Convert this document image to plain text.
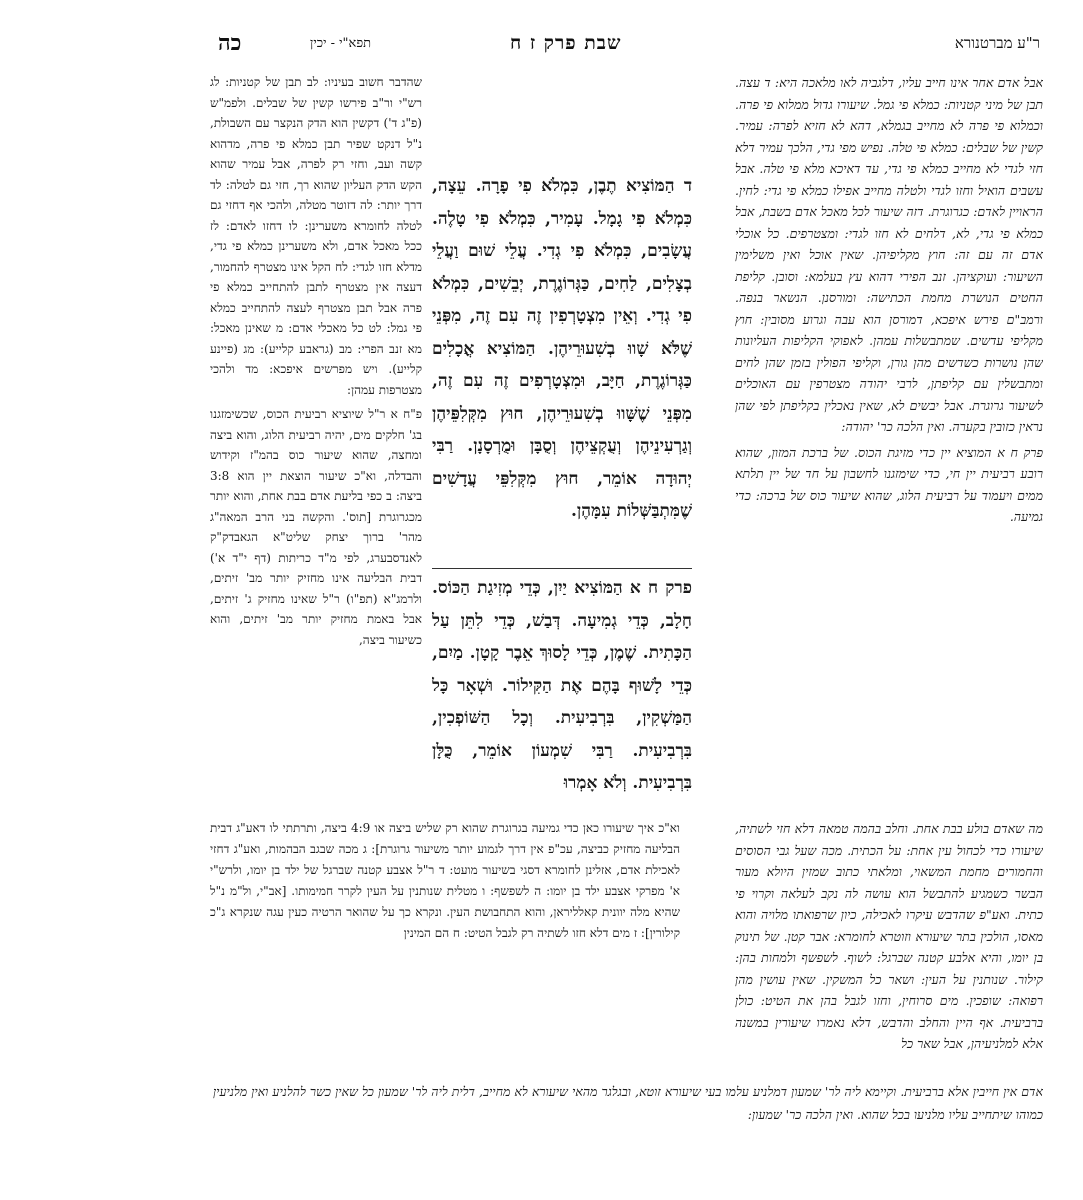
כה	תפא"י - יכין	שבת פרק ז ח	ר"ע מברטנורא

אבל אדם אחר אינו חייב עליו, דלגביה לאו מלאכה היא: ד עצה. תבן של מיני קטניות: כמלא פי גמל. שיעורו גדול ממלוא פי פרה. וכמלוא פי פרה לא מחייב בגמלא, דהא לא חזיא לפרה: עמיר. קשין של שבלים: כמלא פי טלה. נפיש מפי גדי, הלכך עמיר דלא חזי לגדי לא מחייב כמלא פי גדי, עד דאיכא מלא פי טלה. אבל עשבים הואיל וחזו לגדי ולטלה מחייב אפילו כמלא פי גדי: לחין. הראויין לאדם: כגרוגרת. דזה שיעור לכל מאכל אדם בשבת, אבל כמלא פי גדי, לא, דלחים לא חזו לגדי: ומצטרפים. כל אוכלי אדם זה עם זה: חוץ מקליפיהן. שאין אוכל ואין משלימין השיעור: ועוקציהן. זנב הפירי דהוא עץ בעלמא: וסובן. קליפת החטים הנושרת מחמת הכתישה: ומורסנן. הנשאר בנפה. ורמב"ם פירש איפכא, דמורסן הוא עבה וגרוע מסובין: חוץ מקליפי עדשים. שמתבשלות עמהן. לאפוקי הקליפות העליונות שהן נושרות כשדשים מהן גורן, וקליפי הפולין בזמן שהן לחים ומתבשלין עם קליפתן, לרבי יהודה מצטרפין עם האוכלים לשיעור גרוגרת. אבל יבשים לא, שאין נאכלין בקליפתן לפי שהן נראין כזובין בקערה. ואין הלכה כר' יהודה:

פרק ח א המוציא יין כדי מזיגת הכוס. של ברכת המזון, שהוא רובע רביעית יין חי, כדי שימזגנו לחשבון על חד של יין תלתא ממים ויעמוד על רביעית הלוג, שהוא שיעור כוס של ברכה: כדי גמיעה.

ד הַמּוֹצִיא תֶבֶן, כִּמְלֹא פִי פָרָה. עֵצָה, כִּמְלֹא פִי גָמָל. עָמִיר, כִּמְלֹא פִי טָלֶה. עֲשָׂבִים, כִּמְלֹא פִי גְדִי. עֲלֵי שׁוּם וַעֲלֵי בְצָלִים, לַחִים, כַּגְּרוֹגֶרֶת, יְבֵשִׁים, כִּמְלֹא פִי גְדִי. וְאֵין מִצְטָרְפִין זֶה עִם זֶה, מִפְּנֵי שֶׁלֹּא שָׁווּ בְשִׁעוּרֵיהֶן. הַמּוֹצִיא אֳכָלִים כַּגְּרוֹגֶרֶת, חַיָּב, וּמִצְטָרְפִים זֶה עִם זֶה, מִפְּנֵי שֶׁשָּׁווּ בְשִׁעוּרֵיהֶן, חוּץ מִקְּלִפֵּיהֶן וְגַרְעִינֵיהֶן וְעֻקְצֵיהֶן וְסֻבָּן וּמֻרְסָנָן. רַבִּי יְהוּדָה אוֹמֵר, חוּץ מִקְּלִפֵּי עֲדָשִׁים שֶׁמִּתְבַּשְּׁלוֹת עִמָּהֶן.

פרק ח א הַמּוֹצִיא יַיִן, כְּדֵי מְזִיגַת הַכּוֹס. חָלָב, כְּדֵי גְמִיעָה. דְּבַשׁ, כְּדֵי לִתֵּן עַל הַכָּתִית. שֶׁמֶן, כְּדֵי לָסוּךְ אֵבֶר קָטָן. מַיִם, כְּדֵי לָשׁוּף בָּהֶם אֶת הַקִּילוֹר. וּשְׁאָר כָּל הַמַּשְׁקִין, בִּרְבִיעִית. וְכָל הַשּׁוֹפְכִין, בִּרְבִיעִית. רַבִּי שִׁמְעוֹן אוֹמֵר, כֻּלָּן בִּרְבִיעִית. וְלֹא אָמְרוּ

שהדבר חשוב בעיניו: לב תבן של קטניות: לג רש"י ור"ב פירשו קשין של שבלים. ולפמ"ש (פ"ג ד') דקשין הוא הדק הנקצר עם השבולת, נ"ל דנקט שפיר תבן כמלא פי פרה, מדהוא קשה ועב, וחזי רק לפרה, אבל עמיר שהוא הקש הדק העליון שהוא רך, חזי גם לטלה: לד דרך יותר: לה דזוטר מטלה, ולהכי אף דחזי גם לטלה לחומרא משערינן: לו דחזו לאדם: לז ככל מאכל אדם, ולא משערינן כמלא פי גדי, מדלא חזו לגדי: לח הקל אינו מצטרף להחמור, דעצה אין מצטרף לתבן להתחייב כמלא פי פרה אבל תבן מצטרף לעצה להתחייב כמלא פי גמל: לט כל מאכלי אדם: מ שאינן מאכל: מא זנב הפרי: מב (גראבע קלייע): מג (פיינע קלייע). ויש מפרשים איפכא: מד ולהכי מצטרפות עמהן:

פ"ח א ר"ל שיוציא רביעית הכוס, שכשימזגנו בג' חלקים מים, יהיה רביעית הלוג, והוא ביצה ומחצה, שהוא שיעור כוס בהמ"ז וקידוש והבדלה, וא"כ שיעור הוצאת יין הוא 3:8 ביצה: ב כפי בליעת אדם בבת אחת, והוא יותר מכגרוגרת [תוס'. והקשה בני הרב המאה"ג מהר' ברוך יצחק שליט"א הגאבדק"ק לאנדסבערג, לפי מ"ד כריתות (דף י"ד א') דבית הבליעה אינו מחזיק יותר מב' זיתים, ולרמג"א (תפ"ו) ר"ל שאינו מחזיק ג' זיתים, אבל באמת מחזיק יותר מב' זיתים, והוא כשיעור ביצה,

וא"כ איך שיעורו כאן כדי גמיעה בגרוגרת שהוא רק שליש ביצה או 4:9 ביצה, ותרתתי לו דאע"ג דבית הבליעה מחזיק כביצה, עכ"פ אין דרך לגמוע יותר משיעור גרוגרת]: ג מכה שבגב הבהמות, ואע"ג דחזי לאכילת אדם, אזלינן לחומרא דסגי בשיעור מועט: ד ר"ל אצבע קטנה שברגל של ילד בן יומו, ולרש"י א' מפרקי אצבע ילד בן יומו: ה לשפשף: ו מטלית שנותנין על העין לקרר חמימותו. [אב"י, ול"מ נ"ל שהיא מלה יוונית קאלליראן, והוא התחבושת העין. ונקרא כך על שהואר הרטיה כעין עגה שנקרא ג"כ קילורין]: ז מים דלא חזו לשתיה רק לגבל הטיט: ח הם המינין
מה שאדם בולע בבת אחת. וחלב בהמה טמאה דלא חזי לשתיה, שיעורו כדי לכחול עין אחת: על הכתית. מכה שעל גבי הסוסים והחמורים מחמת המשאוי, ומלאתי כתוב שמזין היולא מעור הבשר כשמגיע להתבשל הוא עושה לה נקב לעלאה וקרוי פי כתית. ואע"פ שהדבש עיקרו לאכילה, כיון שרפואתו מלויה והוא מאסו, הולכין בתר שיעורא וזוטרא לחומרא: אבר קטן. של תינוק בן יומו, והיא אלבע קטנה שברגל: לשוף. לשפשף ולמחות בהן: קילור. שנותנין על העין: ושאר כל המשקין. שאין עושין מהן רפואה: שופכין. מים סרוחין, וחזו לגבל בהן את הטיט: כולן ברביעית. אף היין והחלב והדבש, דלא נאמרו שיעורין במשנה אלא למלניעיהן, אבל שאר כל
אדם אין חייבין אלא ברביעית. וקיימא ליה לר' שמעון דמלניע עלמו בעי שיעורא זוטא, ובגלגר מהאי שיעורא לא מחייב, דלית ליה לר' שמעון כל שאין כשר להלניע ואין מלניעין כמוהו שיתחייב עליו מלניעו בכל שהוא. ואין הלכה כר' שמעון:
